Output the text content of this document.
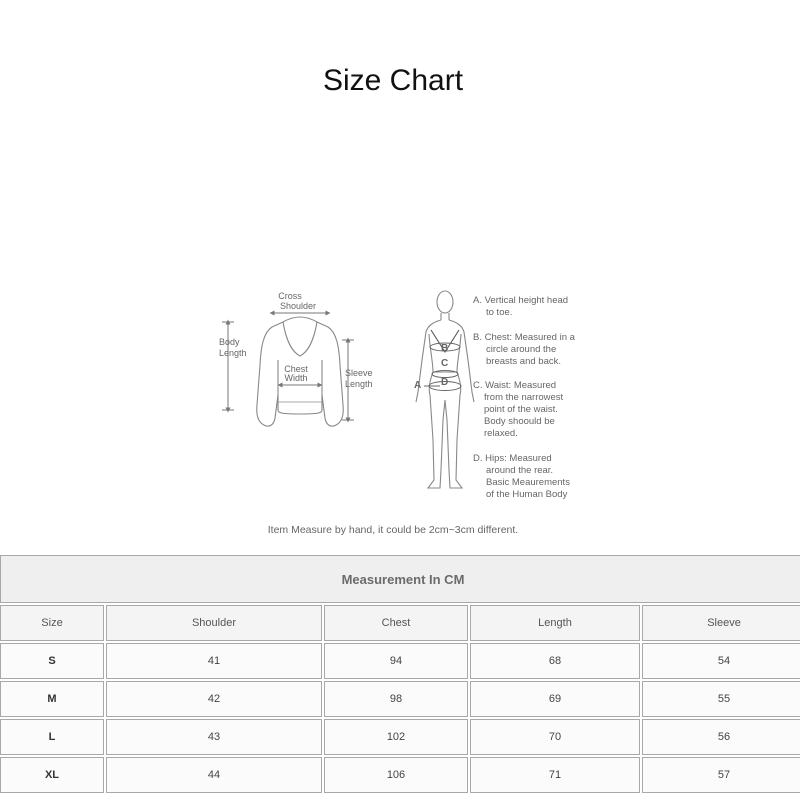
Size Chart
Cross
Shoulder
Body
Length
Chest
Width	Sleeve
Length	A
B
C
D
A. Vertical height head
to toe.
B. Chest: Measured in a
circle around the
breasts and back.
C. Waist: Measured
from the narrowest
point of the waist.
Body shoould be
relaxed.
D. Hips: Measured
around the rear.
Basic Meaurements
of the Human Body
Item Measure by hand, it could be 2cm~3cm different.
Measurement In CM				
Size	Shoulder	Chest	Length	Sleeve
S	41	94	68	54
M	42	98	69	55
L	43	102	70	56
XL	44	106	71	57
